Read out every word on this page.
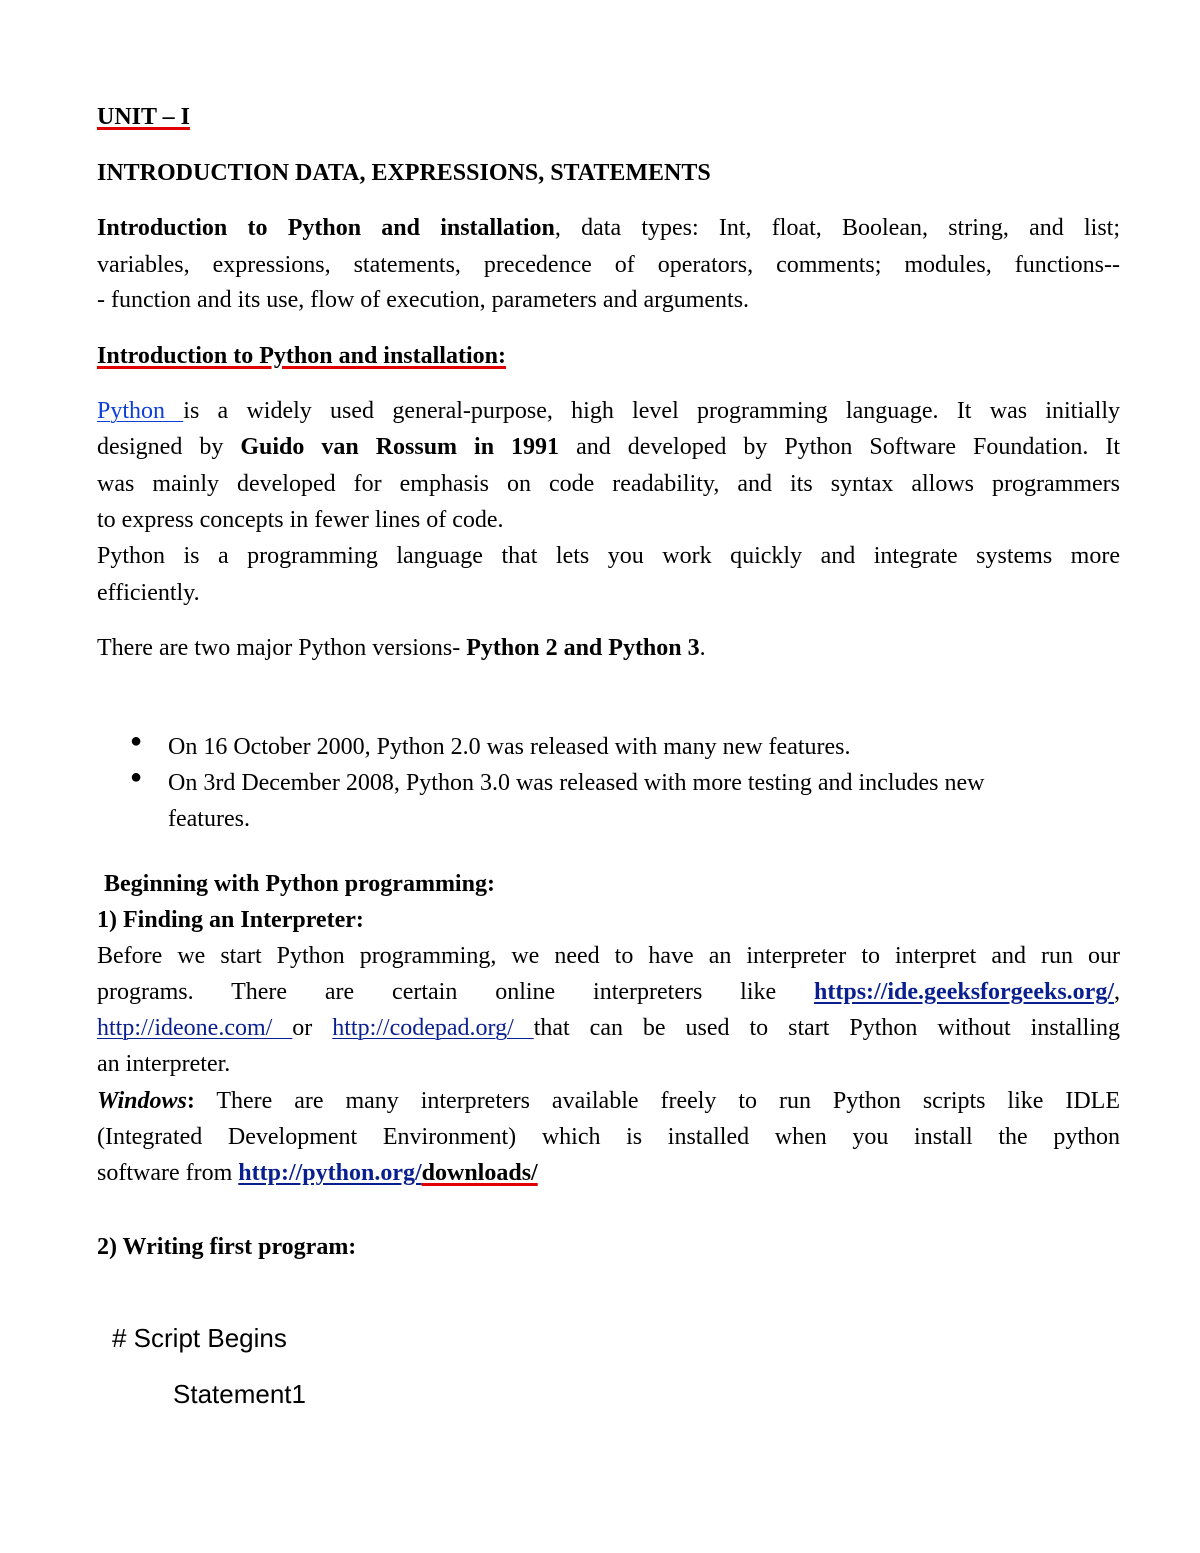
UNIT – I
INTRODUCTION DATA, EXPRESSIONS, STATEMENTS
Introduction to Python and installation, data types: Int, float, Boolean, string, and list;
variables, expressions, statements, precedence of operators, comments; modules, functions--
- function and its use, flow of execution, parameters and arguments.
Introduction to Python and installation:
Python is a widely used general-purpose, high level programming language. It was initially
designed by Guido van Rossum in 1991 and developed by Python Software Foundation. It
was mainly developed for emphasis on code readability, and its syntax allows programmers
to express concepts in fewer lines of code.
Python is a programming language that lets you work quickly and integrate systems more
efficiently.
There are two major Python versions- Python 2 and Python 3.
● On 16 October 2000, Python 2.0 was released with many new features.
● On 3rd December 2008, Python 3.0 was released with more testing and includes new
features.
Beginning with Python programming:
1) Finding an Interpreter:
Before we start Python programming, we need to have an interpreter to interpret and run our
programs. There are certain online interpreters like https://ide.geeksforgeeks.org/,
http://ideone.com/ or http://codepad.org/ that can be used to start Python without installing
an interpreter.
Windows: There are many interpreters available freely to run Python scripts like IDLE
(Integrated Development Environment) which is installed when you install the python
software from http://python.org/downloads/
2) Writing first program:
# Script Begins
Statement1
